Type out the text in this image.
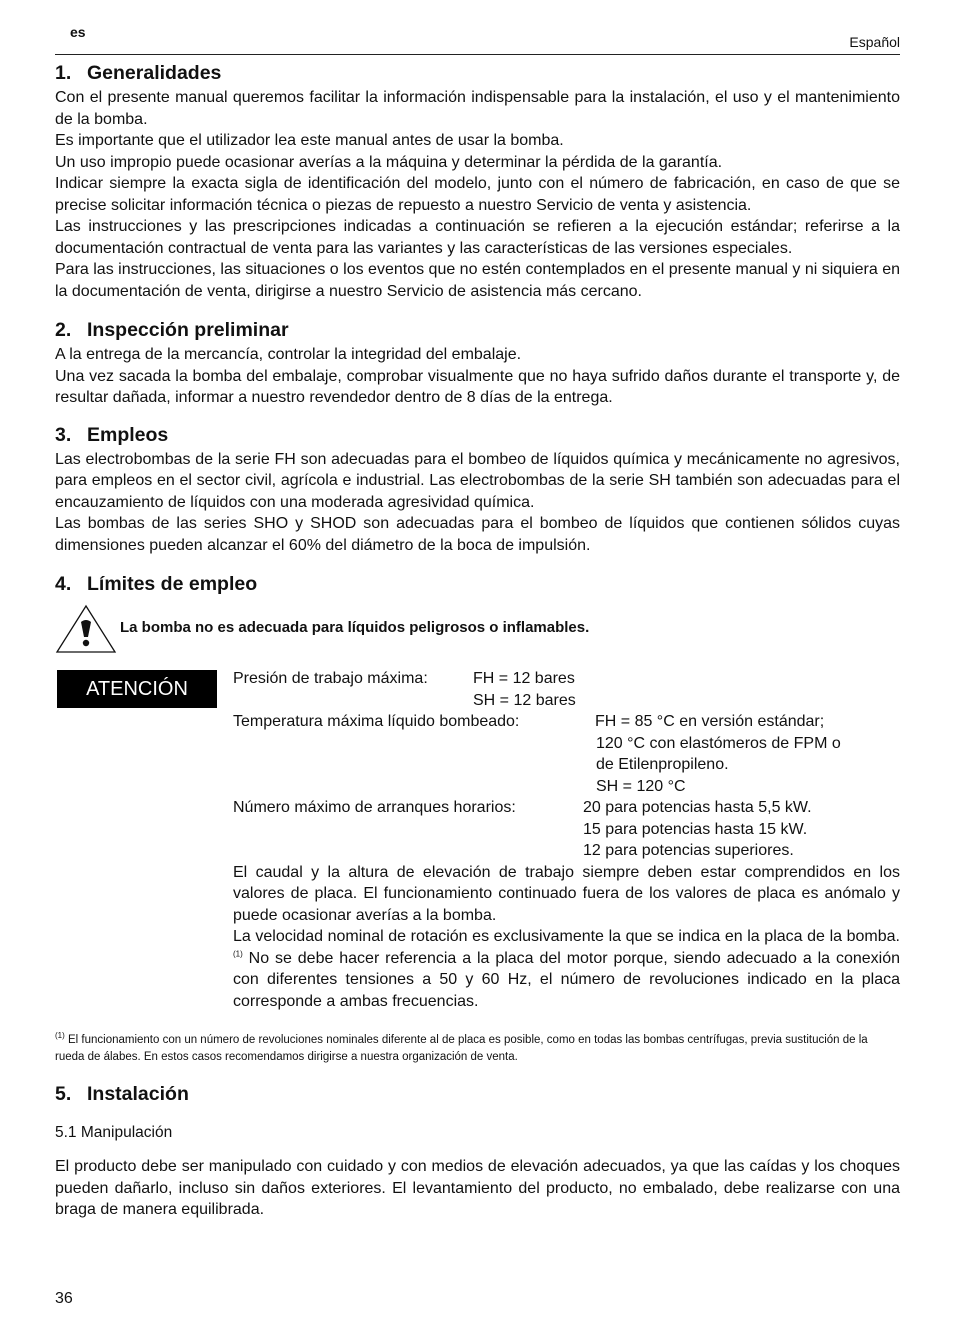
es
Español
1. Generalidades

Con el presente manual queremos facilitar la información indispensable para la instalación, el uso y el mantenimiento de la bomba.

Es importante que el utilizador lea este manual antes de usar la bomba.

Un uso impropio puede ocasionar averías a la máquina y determinar la pérdida de la garantía.

Indicar siempre la exacta sigla de identificación del modelo, junto con el número de fabricación, en caso de que se precise solicitar información técnica o piezas de repuesto a nuestro Servicio de venta y asistencia.

Las instrucciones y las prescripciones indicadas a continuación se refieren a la ejecución estándar; referirse a la documentación contractual de venta para las variantes y las características de las versiones especiales.

Para las instrucciones, las situaciones o los eventos que no estén contemplados en el presente manual y ni siquiera en la documentación de venta, dirigirse a nuestro Servicio de asistencia más cercano.

2. Inspección preliminar

A la entrega de la mercancía, controlar la integridad del embalaje.

Una vez sacada la bomba del embalaje, comprobar visualmente que no haya sufrido daños durante el transporte y, de resultar dañada, informar a nuestro revendedor dentro de 8 días de la entrega.

3. Empleos

Las electrobombas de la serie FH son adecuadas para el bombeo de líquidos química y mecánicamente no agresivos, para empleos en el sector civil, agrícola e industrial. Las electrobombas de la serie SH también son adecuadas para el encauzamiento de líquidos con una moderada agresividad química.

Las bombas de las series SHO y SHOD son adecuadas para el bombeo de líquidos que contienen sólidos cuyas dimensiones pueden alcanzar el 60% del diámetro de la boca de impulsión.

4. Límites de empleo
La bomba no es adecuada para líquidos peligrosos o inflamables.
ATENCIÓN	Presión de trabajo máxima:	FH = 12 bares
SH = 12 bares
Temperatura máxima líquido bombeado:	FH = 85 °C en versión estándar;
120 °C con elastómeros de FPM o
de Etilenpropileno.
SH = 120 °C
Número máximo de arranques horarios:	20 para potencias hasta 5,5 kW.
15 para potencias hasta 15 kW.
12 para potencias superiores.

El caudal y la altura de elevación de trabajo siempre deben estar comprendidos en los valores de placa. El funcionamiento continuado fuera de los valores de placa es anómalo y puede ocasionar averías a la bomba.

La velocidad nominal de rotación es exclusivamente la que se indica en la placa de la bomba.$^{(1)}$ No se debe hacer referencia a la placa del motor porque, siendo adecuado a la conexión con diferentes tensiones a 50 y 60 Hz, el número de revoluciones indicado en la placa corresponde a ambas frecuencias.

$^{(1)}$ El funcionamiento con un número de revoluciones nominales diferente al de placa es posible, como en todas las bombas centrífugas, previa sustitución de la rueda de álabes. En estos casos recomendamos dirigirse a nuestra organización de venta.
5. Instalación
5.1 Manipulación

El producto debe ser manipulado con cuidado y con medios de elevación adecuados, ya que las caídas y los choques pueden dañarlo, incluso sin daños exteriores. El levantamiento del producto, no embalado, debe realizarse con una braga de manera equilibrada.

36
